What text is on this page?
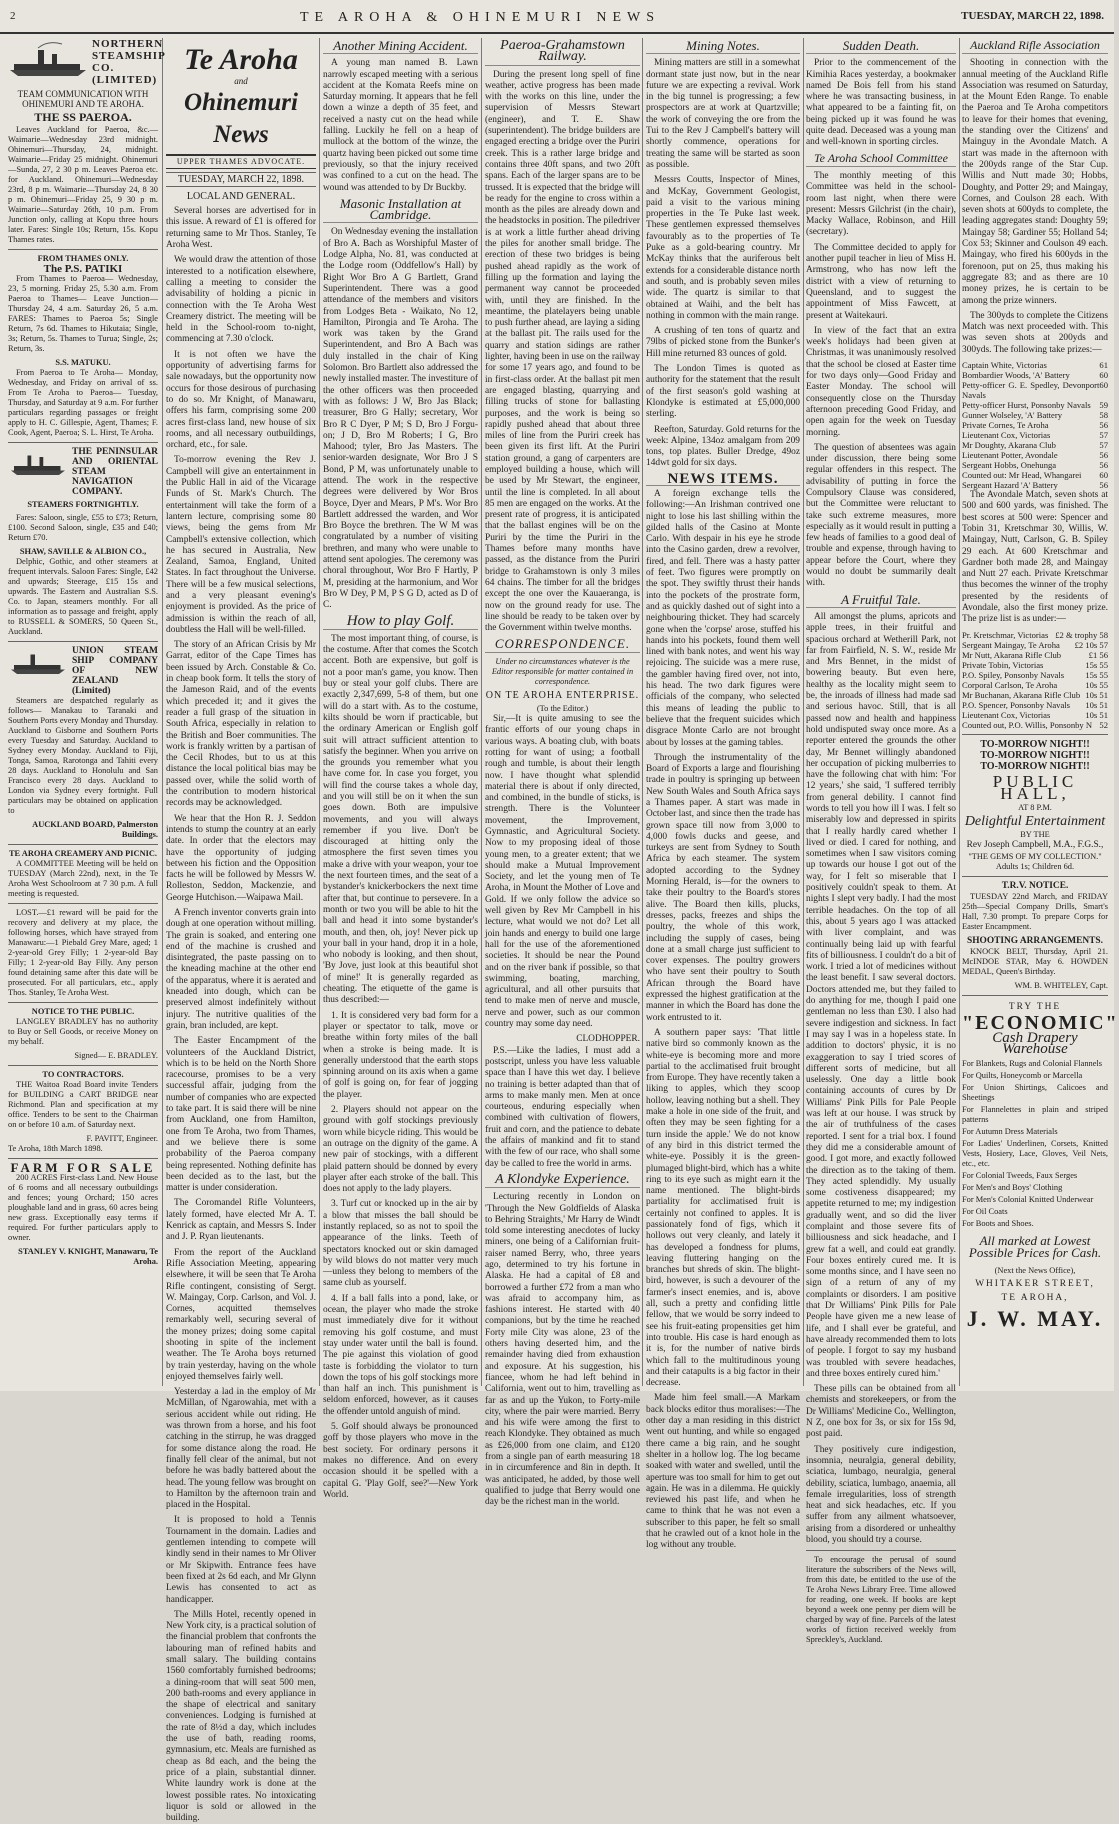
2	TE AROHA & OHINEMURI NEWS	TUESDAY, MARCH 22, 1898.
NORTHERN STEAMSHIP CO. (LIMITED)
TEAM COMMUNICATION WITH OHINEMURI AND TE AROHA.
THE SS PAEROA.

Leaves Auckland for Paeroa, &c.— Waimarie—Wednesday 23rd midnight. Ohinemuri—Thursday, 24, midnight. Waimarie—Friday 25 midnight. Ohinemuri—Sunda, 27, 2 30 p m. Leaves Paeroa etc. for Auckland. Ohinemuri—Wednesday 23rd, 8 p m. Waimarie—Thursday 24, 8 30 p m. Ohinemuri—Friday 25, 9 30 p m. Waimarie—Saturday 26th, 10 p.m. From Junction only, calling at Kopu three hours later. Fares: Single 10s; Return, 15s. Kopu Thames rates.

FROM THAMES ONLY.
The P.S. PATIKI

From Thames to Paeroa— Wednesday, 23, 5 morning. Friday 25, 5.30 a.m. From Paeroa to Thames— Leave Junction— Thursday 24, 4 a.m. Saturday 26, 5 a.m. FARES: Thames to Paeroa 5s; Single Return, 7s 6d. Thames to Hikutaia; Single, 3s; Return, 5s. Thames to Turua; Single, 2s; Return, 3s.

S.S. MATUKU.

From Paeroa to Te Aroha— Monday, Wednesday, and Friday on arrival of ss. From Te Aroha to Paeroa— Tuesday, Thursday, and Saturday at 9 a.m. For further particulars regarding passages or freight apply to H. C. Gillespie, Agent, Thames; F. Cook, Agent, Paeroa; S. L. Hirst, Te Aroha.

THE PENINSULAR AND ORIENTAL STEAM NAVIGATION COMPANY.
STEAMERS FORTNIGHTLY.

Fares: Saloon, single, £55 to £73; Return, £100. Second Saloon, single, £35 and £40; Return £70.

SHAW, SAVILLE & ALBION CO.,

Delphic, Gothic, and other steamers at frequent intervals. Saloon Fares: Single, £42 and upwards; Steerage, £15 15s and upwards. The Eastern and Australian S.S. Co. to Japan, steamers monthly. For all information as to passage and freight, apply to RUSSELL & SOMERS, 50 Queen St., Auckland.

UNION STEAM SHIP COMPANY OF NEW ZEALAND (Limited)

Steamers are despatched regularly as follows— Manakau to Taranaki and Southern Ports every Monday and Thursday. Auckland to Gisborne and Southern Ports every Tuesday and Saturday. Auckland to Sydney every Monday. Auckland to Fiji, Tonga, Samoa, Rarotonga and Tahiti every 28 days. Auckland to Honolulu and San Francisco every 28 days. Auckland to London via Sydney every fortnight. Full particulars may be obtained on application to

AUCKLAND BOARD, Palmerston Buildings.
TE AROHA CREAMERY AND PICNIC.

A COMMITTEE Meeting will be held on TUESDAY (March 22nd), next, in the Te Aroha West Schoolroom at 7 30 p.m. A full meeting is requested.

LOST.—£1 reward will be paid for the recovery and delivery at my place, the following horses, which have strayed from Manawaru:—1 Piebald Grey Mare, aged; 1 2-year-old Grey Filly; 1 2-year-old Bay Filly; 1 2-year-old Bay Filly. Any person found detaining same after this date will be prosecuted. For all particulars, etc., apply Thos. Stanley, Te Aroha West.

NOTICE TO THE PUBLIC.

LANGLEY BRADLEY has no authority to Buy or Sell Goods, or receive Money on my behalf.

Signed— E. BRADLEY.
TO CONTRACTORS.

THE Waitoa Road Board invite Tenders for BUILDING a CART BRIDGE near Richmond. Plan and specification at my office. Tenders to be sent to the Chairman on or before 10 a.m. of Saturday next.

F. PAVITT, Engineer.
Te Aroha, 18th March 1898.
FARM FOR SALE

200 ACRES First-class Land. New House of 6 rooms and all necessary outbuildings and fences; young Orchard; 150 acres ploughable land and in grass, 60 acres being new grass. Exceptionally easy terms if required. For further particulars apply to owner.

STANLEY V. KNIGHT, Manawaru, Te Aroha.
Te Aroha
and
Ohinemuri News
UPPER THAMES ADVOCATE.
TUESDAY, MARCH 22, 1898.
LOCAL AND GENERAL.

Several horses are advertised for in this issue. A reward of £1 is offered for returning same to Mr Thos. Stanley, Te Aroha West.

We would draw the attention of those interested to a notification elsewhere, calling a meeting to consider the advisability of holding a picnic in connection with the Te Aroha West Creamery district. The meeting will be held in the School-room to-night, commencing at 7.30 o'clock.

It is not often we have the opportunity of advertising farms for sale nowadays, but the opportunity now occurs for those desirous of purchasing to do so. Mr Knight, of Manawaru, offers his farm, comprising some 200 acres first-class land, new house of six rooms, and all necessary outbuildings, orchard, etc., for sale.

To-morrow evening the Rev J. Campbell will give an entertainment in the Public Hall in aid of the Vicarage Funds of St. Mark's Church. The entertainment will take the form of a lantern lecture, comprising some 80 views, being the gems from Mr Campbell's extensive collection, which he has secured in Australia, New Zealand, Samoa, England, United States. In fact throughout the Universe. There will be a few musical selections, and a very pleasant evening's enjoyment is provided. As the price of admission is within the reach of all, doubtless the Hall will be well-filled.

The story of an African Crisis by Mr Garrat, editor of the Cape Times has been issued by Arch. Constable & Co. in cheap book form. It tells the story of the Jameson Raid, and of the events which preceded it; and it gives the reader a full grasp of the situation in South Africa, especially in relation to the British and Boer communities. The work is frankly written by a partisan of the Cecil Rhodes, but to us at this distance the local political bias may be passed over, while the solid worth of the contribution to modern historical records may be acknowledged.

We hear that the Hon R. J. Seddon intends to stump the country at an early date. In order that the electors may have the opportunity of judging between his fiction and the Opposition facts he will be followed by Messrs W. Rolleston, Seddon, Mackenzie, and George Hutchison.—Waipawa Mail.

A French inventor converts grain into dough at one operation without milling. The grain is soaked, and entering one end of the machine is crushed and disintegrated, the paste passing on to the kneading machine at the other end of the apparatus, where it is aerated and kneaded into dough, which can be preserved almost indefinitely without injury. The nutritive qualities of the grain, bran included, are kept.

The Easter Encampment of the volunteers of the Auckland District, which is to be held on the North Shore racecourse, promises to be a very successful affair, judging from the number of companies who are expected to take part. It is said there will be nine from Auckland, one from Hamilton, one from Te Aroha, two from Thames, and we believe there is some probability of the Paeroa company being represented. Nothing definite has been decided as to the last, but the matter is under consideration.

The Coromandel Rifle Volunteers, lately formed, have elected Mr A. T. Kenrick as captain, and Messrs S. Inder and J. P. Ryan lieutenants.

From the report of the Auckland Rifle Association Meeting, appearing elsewhere, it will be seen that Te Aroha Rifle contingent, consisting of Sergt. W. Maingay, Corp. Carlson, and Vol. J. Cornes, acquitted themselves remarkably well, securing several of the money prizes; doing some capital shooting in spite of the inclement weather. The Te Aroha boys returned by train yesterday, having on the whole enjoyed themselves fairly well.

Yesterday a lad in the employ of Mr McMillan, of Ngarowahia, met with a serious accident while out riding. He was thrown from a horse, and his foot catching in the stirrup, he was dragged for some distance along the road. He finally fell clear of the animal, but not before he was badly battered about the head. The young fellow was brought on to Hamilton by the afternoon train and placed in the Hospital.

It is proposed to hold a Tennis Tournament in the domain. Ladies and gentlemen intending to compete will kindly send in their names to Mr Oliver or Mr Skipwith. Entrance fees have been fixed at 2s 6d each, and Mr Glynn Lewis has consented to act as handicapper.

The Mills Hotel, recently opened in New York city, is a practical solution of the financial problem that confronts the labouring man of refined habits and small salary. The building contains 1560 comfortably furnished bedrooms; a dining-room that will seat 500 men, 200 bath-rooms and every appliance in the shape of electrical and sanitary conveniences. Lodging is furnished at the rate of 8½d a day, which includes the use of bath, reading rooms, gymnasium, etc. Meals are furnished as cheap as 8d each, and the being the price of a plain, substantial dinner. White laundry work is done at the lowest possible rates. No intoxicating liquor is sold or allowed in the building.

Another Mining Accident.

A young man named B. Lawn narrowly escaped meeting with a serious accident at the Komata Reefs mine on Saturday morning. It appears that he fell down a winze a depth of 35 feet, and received a nasty cut on the head while falling. Luckily he fell on a heap of mullock at the bottom of the winze, the quartz having been picked out some time previously, so that the injury received was confined to a cut on the head. The wound was attended to by Dr Buckby.

Masonic Installation at Cambridge.

On Wednesday evening the installation of Bro A. Bach as Worshipful Master of Lodge Alpha, No. 81, was conducted at the Lodge room (Oddfellow's Hall) by Right Wor Bro A G Bartlett, Grand Superintendent. There was a good attendance of the members and visitors from Lodges Beta - Waikato, No 12, Hamilton, Pirongia and Te Aroha. The work was taken by the Grand Superintendent, and Bro A Bach was duly installed in the chair of King Solomon. Bro Bartlett also addressed the newly installed master. The investiture of the other officers was then proceeded with as follows: J W, Bro Jas Black; treasurer, Bro G Hally; secretary, Wor Bro R C Dyer, P M; S D, Bro J Forgu-on; J D, Bro M Roberts; I G, Bro Mahood; tyler, Bro Jas Masters. The senior-warden designate, Wor Bro J S Bond, P M, was unfortunately unable to attend. The work in the respective degrees were delivered by Wor Bros Boyce, Dyer and Mears, P M's. Wor Bro Bartlett addressed the warden, and Wor Bro Boyce the brethren. The W M was congratulated by a number of visiting brethren, and many who were unable to attend sent apologies. The ceremony was choral throughout, Wor Bro F Hartly, P M, presiding at the harmonium, and Wor Bro W Dey, P M, P S G D, acted as D of C.

How to play Golf.

The most important thing, of course, is the costume. After that comes the Scotch accent. Both are expensive, but golf is not a poor man's game, you know. Then buy or steal your golf clubs. There are exactly 2,347,699, 5-8 of them, but one will do a start with. As to the costume, kilts should be worn if practicable, but the ordinary American or English golf suit will attract sufficient attention to satisfy the beginner. When you arrive on the grounds you remember what you have come for. In case you forget, you will find the course takes a whole day, and you will still be on it when the sun goes down. Both are impulsive movements, and you will always remember if you live. Don't be discouraged at hitting only the atmosphere the first seven times you make a drive with your weapon, your toe the next fourteen times, and the seat of a bystander's knickerbockers the next time after that, but continue to persevere. In a month or two you will be able to hit the ball and head it into some bystander's mouth, and then, oh, joy! Never pick up your ball in your hand, drop it in a hole, who nobody is looking, and then shout, 'By Jove, just look at this beautiful shot of mine!' It is generally regarded as cheating. The etiquette of the game is thus described:—

1. It is considered very bad form for a player or spectator to talk, move or breathe within forty miles of the ball when a stroke is being made. It is generally understood that the earth stops spinning around on its axis when a game of golf is going on, for fear of jogging the player.

2. Players should not appear on the ground with golf stockings previously worn while bicycle riding. This would be an outrage on the dignity of the game. A new pair of stockings, with a different plaid pattern should be donned by every player after each stroke of the ball. This does not apply to the lady players.

3. Turf cut or knocked up in the air by a blow that misses the ball should be instantly replaced, so as not to spoil the appearance of the links. Teeth of spectators knocked out or skin damaged by wild blows do not matter very much—unless they belong to members of the same club as yourself.

4. If a ball falls into a pond, lake, or ocean, the player who made the stroke must immediately dive for it without removing his golf costume, and must stay under water until the ball is found. The pie against this violation of good taste is forbidding the violator to turn down the tops of his golf stockings more than half an inch. This punishment is seldom enforced, however, as it causes the offender untold anguish of mind.

5. Golf should always be pronounced goff by those players who move in the best society. For ordinary persons it makes no difference. And on every occasion should it be spelled with a capital G. 'Play Golf, see?'—New York World.

Paeroa-Grahamstown Railway.

During the present long spell of fine weather, active progress has been made with the works on this line, under the supervision of Messrs Stewart (engineer), and T. E. Shaw (superintendent). The bridge builders are engaged erecting a bridge over the Puriri creek. This is a rather large bridge and contains three 40ft spans, and two 20ft spans. Each of the larger spans are to be trussed. It is expected that the bridge will be ready for the engine to cross within a month as the piles are already down and the headstocks in position. The piledriver is at work a little further ahead driving the piles for another small bridge. The erection of these two bridges is being pushed ahead rapidly as the work of filling up the formation and laying the permanent way cannot be proceeded with, until they are finished. In the meantime, the platelayers being unable to push further ahead, are laying a siding at the ballast pit. The rails used for the quarry and station sidings are rather lighter, having been in use on the railway for some 17 years ago, and found to be in first-class order. At the ballast pit men are engaged blasting, quarrying and filling trucks of stone for ballasting purposes, and the work is being so rapidly pushed ahead that about three miles of line from the Puriri creek has been given its first lift. At the Puriri station ground, a gang of carpenters are employed building a house, which will be used by Mr Stewart, the engineer, until the line is completed. In all about 85 men are engaged on the works. At the present rate of progress, it is anticipated that the ballast engines will be on the Puriri by the time the Puriri in the Thames before many months have passed, as the distance from the Puriri bridge to Grahamstown is only 3 miles 64 chains. The timber for all the bridges except the one over the Kauaeranga, is now on the ground ready for use. The line should be ready to be taken over by the Government within twelve months.

CORRESPONDENCE.
Under no circumstances whatever is the Editor responsible for matter contained in correspondence.
ON TE AROHA ENTERPRISE.
(To the Editor.)

Sir,—It is quite amusing to see the frantic efforts of our young chaps in various ways. A boating club, with boats rotting for want of using; a football rough and tumble, is about their length now. I have thought what splendid material there is about if only directed, and combined, in the bundle of sticks, is strength. There is the Volunteer movement, the Improvement, Gymnastic, and Agricultural Society. Now to my proposing ideal of those young men, to a greater extent; that we should make a Mutual Improvement Society, and let the young men of Te Aroha, in Mount the Mother of Love and Gold. If we only follow the advice so well given by Rev Mr Campbell in his lecture, what would we not do? Let all join hands and energy to build one large hall for the use of the aforementioned societies. It should be near the Pound and on the river bank if possible, so that swimming, boating, marching, agricultural, and all other pursuits that tend to make men of nerve and muscle, nerve and power, such as our common country may some day need.

CLODHOPPER.

P.S.—Like the ladies, I must add a postscript, unless you have less valuable space than I have this wet day. I believe no training is better adapted than that of arms to make manly men. Men at once courteous, enduring especially when combined with cultivation of flowers, fruit and corn, and the patience to debate the affairs of mankind and fit to stand with the few of our race, who shall some day be called to free the world in arms.

A Klondyke Experience.

Lecturing recently in London on 'Through the New Goldfields of Alaska to Behring Straights,' Mr Harry de Windt told some interesting anecdotes of lucky miners, one being of a Californian fruit-raiser named Berry, who, three years ago, determined to try his fortune in Alaska. He had a capital of £8 and borrowed a further £72 from a man who was afraid to accompany him, as fashions interest. He started with 40 companions, but by the time he reached Forty mile City was alone, 23 of the others having deserted him, and the remainder having died from exhaustion and exposure. At his suggestion, his fiancee, whom he had left behind in California, went out to him, travelling as far as and up the Yukon, to Forty-mile city, where the pair were married. Berry and his wife were among the first to reach Klondyke. They obtained as much as £26,000 from one claim, and £120 from a single pan of earth measuring 18 in in circumference and 8in in depth. It was anticipated, he added, by those well qualified to judge that Berry would one day be the richest man in the world.

Mining Notes.

Mining matters are still in a somewhat dormant state just now, but in the near future we are expecting a revival. Work in the big tunnel is progressing; a few prospectors are at work at Quartzville; the work of conveying the ore from the Tui to the Rev J Campbell's battery will shortly commence, operations for treating the same will be started as soon as possible.

Messrs Coutts, Inspector of Mines, and McKay, Government Geologist, paid a visit to the various mining properties in the Te Puke last week. These gentlemen expressed themselves favourably as to the properties of Te Puke as a gold-bearing country. Mr McKay thinks that the auriferous belt extends for a considerable distance north and south, and is probably seven miles wide. The quartz is similar to that obtained at Waihi, and the belt has nothing in common with the main range.

A crushing of ten tons of quartz and 79lbs of picked stone from the Bunker's Hill mine returned 83 ounces of gold.

The London Times is quoted as authority for the statement that the result of the first season's gold washing at Klondyke is estimated at £5,000,000 sterling.

Reefton, Saturday. Gold returns for the week: Alpine, 134oz amalgam from 209 tons, top plates. Buller Dredge, 49oz 14dwt gold for six days.

NEWS ITEMS.

A foreign exchange tells the following:—An Irishman contrived one night to lose his last shilling within the gilded halls of the Casino at Monte Carlo. With despair in his eye he strode into the Casino garden, drew a revolver, fired, and fell. There was a hasty patter of feet. Two figures were promptly on the spot. They swiftly thrust their hands into the pockets of the prostrate form, and as quickly dashed out of sight into a neighbouring thicket. They had scarcely gone when the 'corpse' arose, stuffed his hands into his pockets, found them well lined with bank notes, and went his way rejoicing. The suicide was a mere ruse, the gambler having fired over, not into, his head. The two dark figures were officials of the company, who selected this means of leading the public to believe that the frequent suicides which disgrace Monte Carlo are not brought about by losses at the gaming tables.

Through the instrumentality of the Board of Exports a large and flourishing trade in poultry is springing up between New South Wales and South Africa says a Thames paper. A start was made in October last, and since then the trade has grown space till now from 3,000 to 4,000 fowls ducks and geese, and turkeys are sent from Sydney to South Africa by each steamer. The system adopted according to the Sydney Morning Herald, is—for the owners to take their poultry to the Board's stores alive. The Board then kills, plucks, dresses, packs, freezes and ships the poultry, the whole of this work, including the supply of cases, being done at a small charge just sufficient to cover expenses. The poultry growers who have sent their poultry to South African through the Board have expressed the highest gratification at the manner in which the Board has done the work entrusted to it.

A southern paper says: 'That little native bird so commonly known as the white-eye is becoming more and more partial to the acclimatised fruit brought from Europe. They have recently taken a liking to apples, which they scoop hollow, leaving nothing but a shell. They make a hole in one side of the fruit, and often they may be seen fighting for a turn inside the apple.' We do not know of any bird in this district termed the white-eye. Possibly it is the green-plumaged blight-bird, which has a white ring to its eye such as might earn it the name mentioned. The blight-birds partiality for acclimatised fruit is certainly not confined to apples. It is passionately fond of figs, which it hollows out very cleanly, and lately it has developed a fondness for plums, leaving fluttering hanging on the branches but shreds of skin. The blight-bird, however, is such a devourer of the farmer's insect enemies, and is, above all, such a pretty and confiding little fellow, that we would be sorry indeed to see his fruit-eating propensities get him into trouble. His case is hard enough as it is, for the number of native birds which fall to the multitudinous young and their catapults is a big factor in their decrease.

Made him feel small.—A Markam back blocks editor thus moralises:—The other day a man residing in this district went out hunting, and while so engaged there came a big rain, and he sought shelter in a hollow log. The log became soaked with water and swelled, until the aperture was too small for him to get out again. He was in a dilemma. He quickly reviewed his past life, and when he came to think that he was not even a subscriber to this paper, he felt so small that he crawled out of a knot hole in the log without any trouble.

Sudden Death.

Prior to the commencement of the Kimihia Races yesterday, a bookmaker named De Bois fell from his stand where he was transacting business, in what appeared to be a fainting fit, on being picked up it was found he was quite dead. Deceased was a young man and well-known in sporting circles.

Te Aroha School Committee

The monthly meeting of this Committee was held in the school-room last night, when there were present: Messrs Gilchrist (in the chair), Macky Wallace, Robinson, and Hill (secretary).

The Committee decided to apply for another pupil teacher in lieu of Miss H. Armstrong, who has now left the district with a view of returning to Queensland, and to suggest the appointment of Miss Fawcett, at present at Waitekauri.

In view of the fact that an extra week's holidays had been given at Christmas, it was unanimously resolved that the school be closed at Easter time for two days only—Good Friday and Easter Monday. The school will consequently close on the Thursday afternoon preceding Good Friday, and open again for the week on Tuesday morning.

The question of absentees was again under discussion, there being some regular offenders in this respect. The advisability of putting in force the Compulsory Clause was considered, but the Committee were reluctant to take such extreme measures, more especially as it would result in putting a few heads of families to a good deal of trouble and expense, through having to appear before the Court, where they would no doubt be summarily dealt with.

A Fruitful Tale.

All amongst the plums, apricots and apple trees, in their fruitful and spacious orchard at Wetherill Park, not far from Fairfield, N. S. W., reside Mr and Mrs Bennet, in the midst of bowering beauty. But even here, healthy as the locality might seem to be, the inroads of illness had made sad and serious havoc. Still, that is all passed now and health and happiness hold undisputed sway once more. As a reporter entered the grounds the other day, Mr Bennet willingly abandoned her occupation of picking mulberries to have the following chat with him: 'For 12 years,' she said, 'I suffered terribly from general debility. I cannot find words to tell you how ill I was. I felt so miserably low and depressed in spirits that I really hardly cared whether I lived or died. I cared for nothing, and sometimes when I saw visitors coming up towards our house I got out of the way, for I felt so miserable that I positively couldn't speak to them. At nights I slept very badly. I had the most terrible headaches. On the top of all this, about 5 years ago I was attacked with liver complaint, and was continually being laid up with fearful fits of billiousness. I couldn't do a bit of work. I tried a lot of medicines without the least benefit. I saw several doctors. Doctors attended me, but they failed to do anything for me, though I paid one gentleman no less than £30. I also had severe indigestion and sickness. In fact I may say I was in a hopeless state. In addition to doctors' physic, it is no exaggeration to say I tried scores of different sorts of medicine, but all uselessly. One day a little book containing accounts of cures by Dr Williams' Pink Pills for Pale People was left at our house. I was struck by the air of truthfulness of the cases reported. I sent for a trial box. I found they did me a considerable amount of good. I got more, and exactly followed the direction as to the taking of them. They acted splendidly. My usually some costiveness disappeared; my appetite returned to me; my indigestion gradually went, and so did the liver complaint and those severe fits of billiousness and sick headache, and I grew fat a well, and could eat grandly. Four boxes entirely cured me. It is some months since, and I have seen no sign of a return of any of my complaints or disorders. I am positive that Dr Williams' Pink Pills for Pale People have given me a new lease of life, and I shall ever be grateful, and have already recommended them to lots of people. I forgot to say my husband was troubled with severe headaches, and three boxes entirely cured him.'

These pills can be obtained from all chemists and storekeepers, or from the Dr Williams' Medicine Co., Wellington, N Z, one box for 3s, or six for 15s 9d, post paid.

They positively cure indigestion, insomnia, neuralgia, general debility, sciatica, lumbago, neuralgia, general debility, sciatica, lumbago, anaemia, all female irregularities, loss of strength heat and sick headaches, etc. If you suffer from any ailment whatsoever, arising from a disordered or unhealthy blood, you should try a course.

To encourage the perusal of sound literature the subscribers of the News will, from this date, be entitled to the use of the Te Aroha News Library Free. Time allowed for reading, one week. If books are kept beyond a week one penny per diem will be charged by way of fine. Parcels of the latest works of fiction received weekly from Spreckley's, Auckland.

Auckland Rifle Association

Shooting in connection with the annual meeting of the Auckland Rifle Association was resumed on Saturday, at the Mount Eden Range. To enable the Paeroa and Te Aroha competitors to leave for their homes that evening, the standing over the Citizens' and Mainguy in the Avondale Match. A start was made in the afternoon with the 200yds range of the Star Cup. Willis and Nutt made 30; Hobbs, Doughty, and Potter 29; and Maingay, Cornes, and Coulson 28 each. With seven shots at 600yds to complete, the leading aggregates stand: Doughty 59; Maingay 58; Gardiner 55; Holland 54; Cox 53; Skinner and Coulson 49 each. Maingay, who fired his 600yds in the forenoon, put on 25, thus making his aggregate 83; and as there are 10 money prizes, he is certain to be among the prize winners.

The 300yds to complete the Citizens Match was next proceeded with. This was seven shots at 200yds and 300yds. The following take prizes:—

Captain White, Victorias	61
Bombardier Woods, 'A' Battery	60
Petty-officer G. E. Spedley, Devonport Navals
60
Petty-officer Hurst, Ponsonby Navals 59
Gunner Wolseley, 'A' Battery	58
Private Cornes, Te Aroha	56
Lieutenant Cox, Victorias	57
Mr Doughty, Akarana Club	57
Lieutenant Potter, Avondale	56
Sergeant Hobbs, Onehunga	56
Counted out: Mr Head, Whangarei 60
Sergeant Hazard 'A' Battery	56

The Avondale Match, seven shots at 500 and 600 yards, was finished. The best scores at 500 were: Spencer and Tobin 31, Kretschmar 30, Willis, W. Maingay, Nutt, Carlson, G. B. Spiley 29 each. At 600 Kretschmar and Gardner both made 28, and Maingay and Nutt 27 each. Private Kretschmar thus becomes the winner of the trophy presented by the residents of Avondale, also the first money prize. The prize list is as under:—

Pr. Kretschmar, Victorias £2 & trophy 58
Sergeant Maingay, Te Aroha £2 10s 57
Mr Nutt, Akarana Rifle Club	£1 56
Private Tobin, Victorias	15s 55
P.O. Spiley, Ponsonby Navals 15s 55
Corporal Carlson, Te Aroha	10s 55
Mr Buchanan, Akarana Rifle Club 10s 51
P.O. Spencer, Ponsonby Navals 10s 51
Lieutenant Cox, Victorias	10s 51
Counted out, P.O. Willis, Ponsonby N 52
TO-MORROW NIGHT!!
TO-MORROW NIGHT!!
TO-MORROW NIGHT!!
PUBLIC HALL,
AT 8 P.M.
Delightful Entertainment
BY THE
Rev Joseph Campbell, M.A., F.G.S.,
"THE GEMS OF MY COLLECTION."
Adults 1s; Children 6d.
T.R.V. NOTICE.

TUESDAY 22nd March, and FRIDAY 25th—Special Company Drills, Smart's Hall, 7.30 prompt. To prepare Corps for Easter Encampment.

SHOOTING ARRANGEMENTS.

KNOCK BELT, Thursday, April 21. McINDOE STAR, May 6. HOWDEN MEDAL, Queen's Birthday.

WM. B. WHITELEY, Capt.
TRY THE
"ECONOMIC"
Cash Drapery Warehouse
For Blankets, Rugs and Colonial Flannels
For Quilts, Honeycomb or Marcella
For Union Shirtings, Calicoes and Sheetings
For Flannelettes in plain and striped patterns
For Autumn Dress Materials
For Ladies' Underlinen, Corsets, Knitted Vests, Hosiery, Lace, Gloves, Veil Nets, etc., etc.
For Colonial Tweeds, Faux Serges
For Men's and Boys' Clothing
For Men's Colonial Knitted Underwear
For Oil Coats
For Boots and Shoes.
All marked at Lowest Possible Prices for Cash.
(Next the News Office),
WHITAKER STREET,
TE AROHA,
J. W. MAY.
